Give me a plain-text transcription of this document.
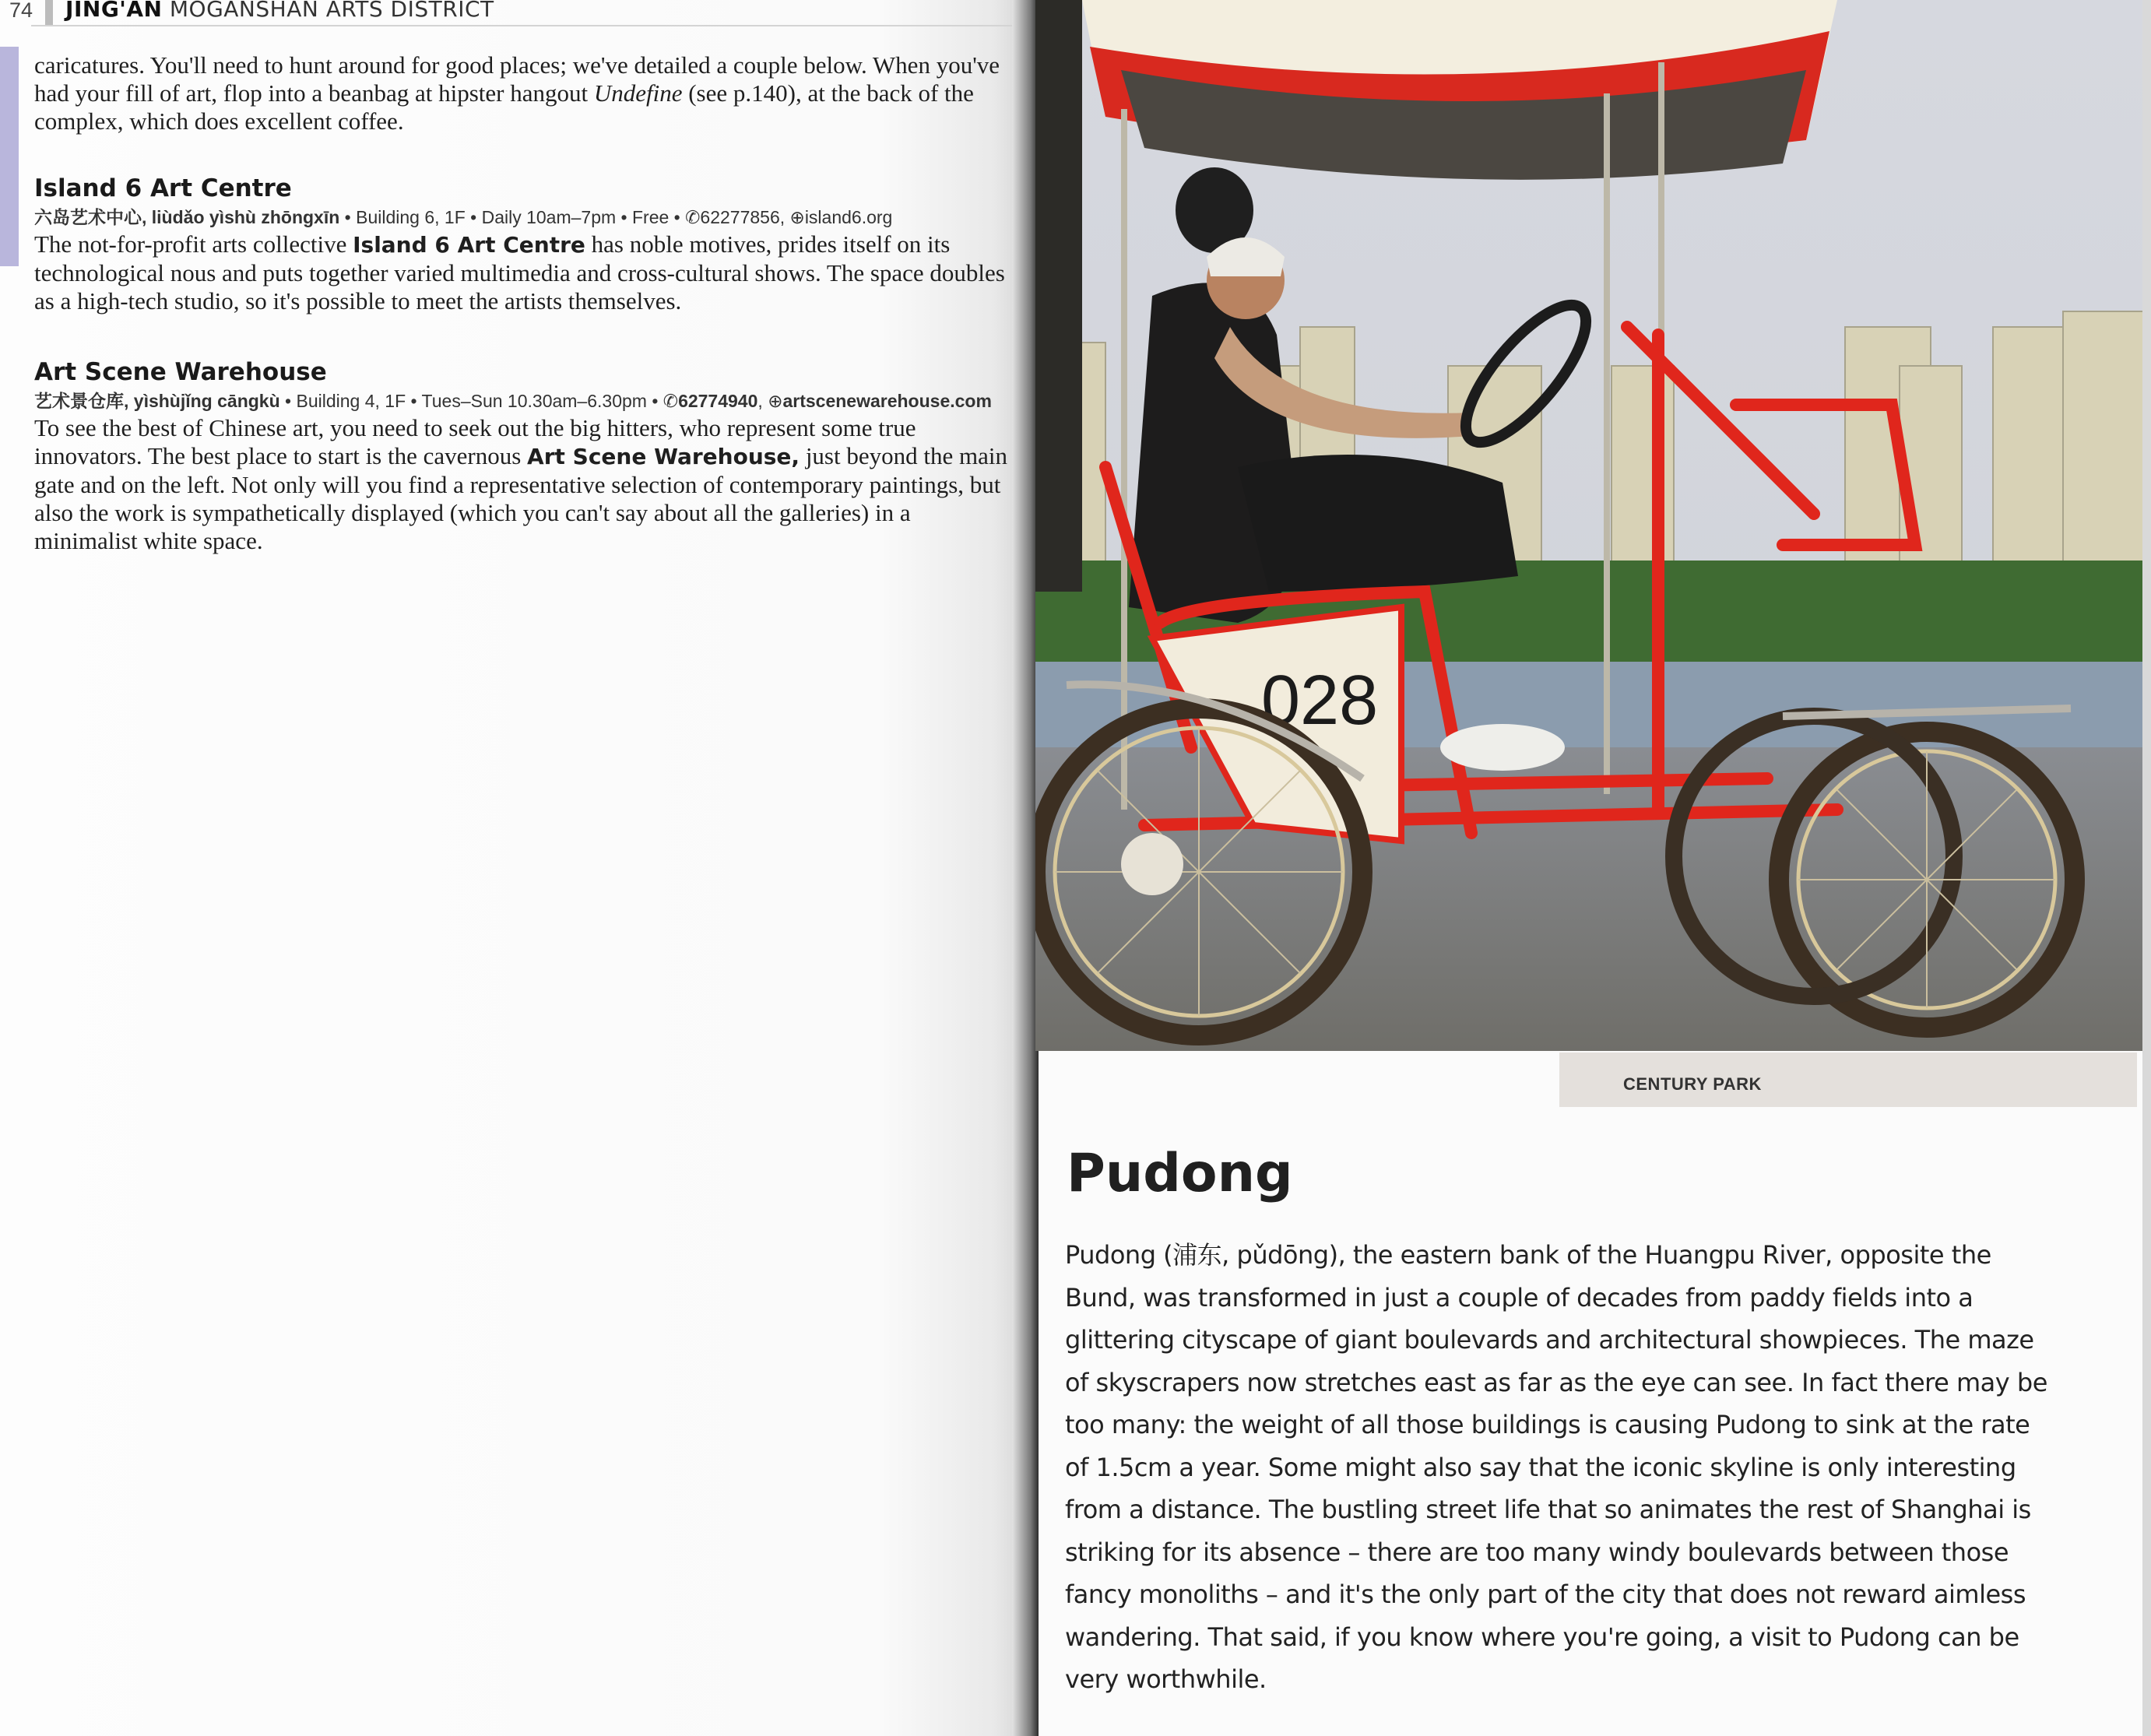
74 JING'AN MOGANSHAN ARTS DISTRICT

caricatures. You'll need to hunt around for good places; we've detailed a couple below. When you've had your fill of art, flop into a beanbag at hipster hangout Undefine (see p.140), at the back of the complex, which does excellent coffee.

Island 6 Art Centre
六岛艺术中心, liùdǎo yìshù zhōngxīn • Building 6, 1F • Daily 10am–7pm • Free • ✆62277856, ⊕island6.org

The not-for-profit arts collective Island 6 Art Centre has noble motives, prides itself on its technological nous and puts together varied multimedia and cross-cultural shows. The space doubles as a high-tech studio, so it's possible to meet the artists themselves.

Art Scene Warehouse
艺术景仓库, yìshùjǐng cāngkù • Building 4, 1F • Tues–Sun 10.30am–6.30pm • ✆62774940, ⊕artscenewarehouse.com

To see the best of Chinese art, you need to seek out the big hitters, who represent some true innovators. The best place to start is the cavernous Art Scene Warehouse, just beyond the main gate and on the left. Not only will you find a representative selection of contemporary paintings, but also the work is sympathetically displayed (which you can't say about all the galleries) in a minimalist white space.

028
CENTURY PARK
Pudong

Pudong (浦东, pǔdōng), the eastern bank of the Huangpu River, opposite the Bund, was transformed in just a couple of decades from paddy fields into a glittering cityscape of giant boulevards and architectural showpieces. The maze of skyscrapers now stretches east as far as the eye can see. In fact there may be too many: the weight of all those buildings is causing Pudong to sink at the rate of 1.5cm a year. Some might also say that the iconic skyline is only interesting from a distance. The bustling street life that so animates the rest of Shanghai is striking for its absence – there are too many windy boulevards between those fancy monoliths – and it's the only part of the city that does not reward aimless wandering. That said, if you know where you're going, a visit to Pudong can be very worthwhile.
